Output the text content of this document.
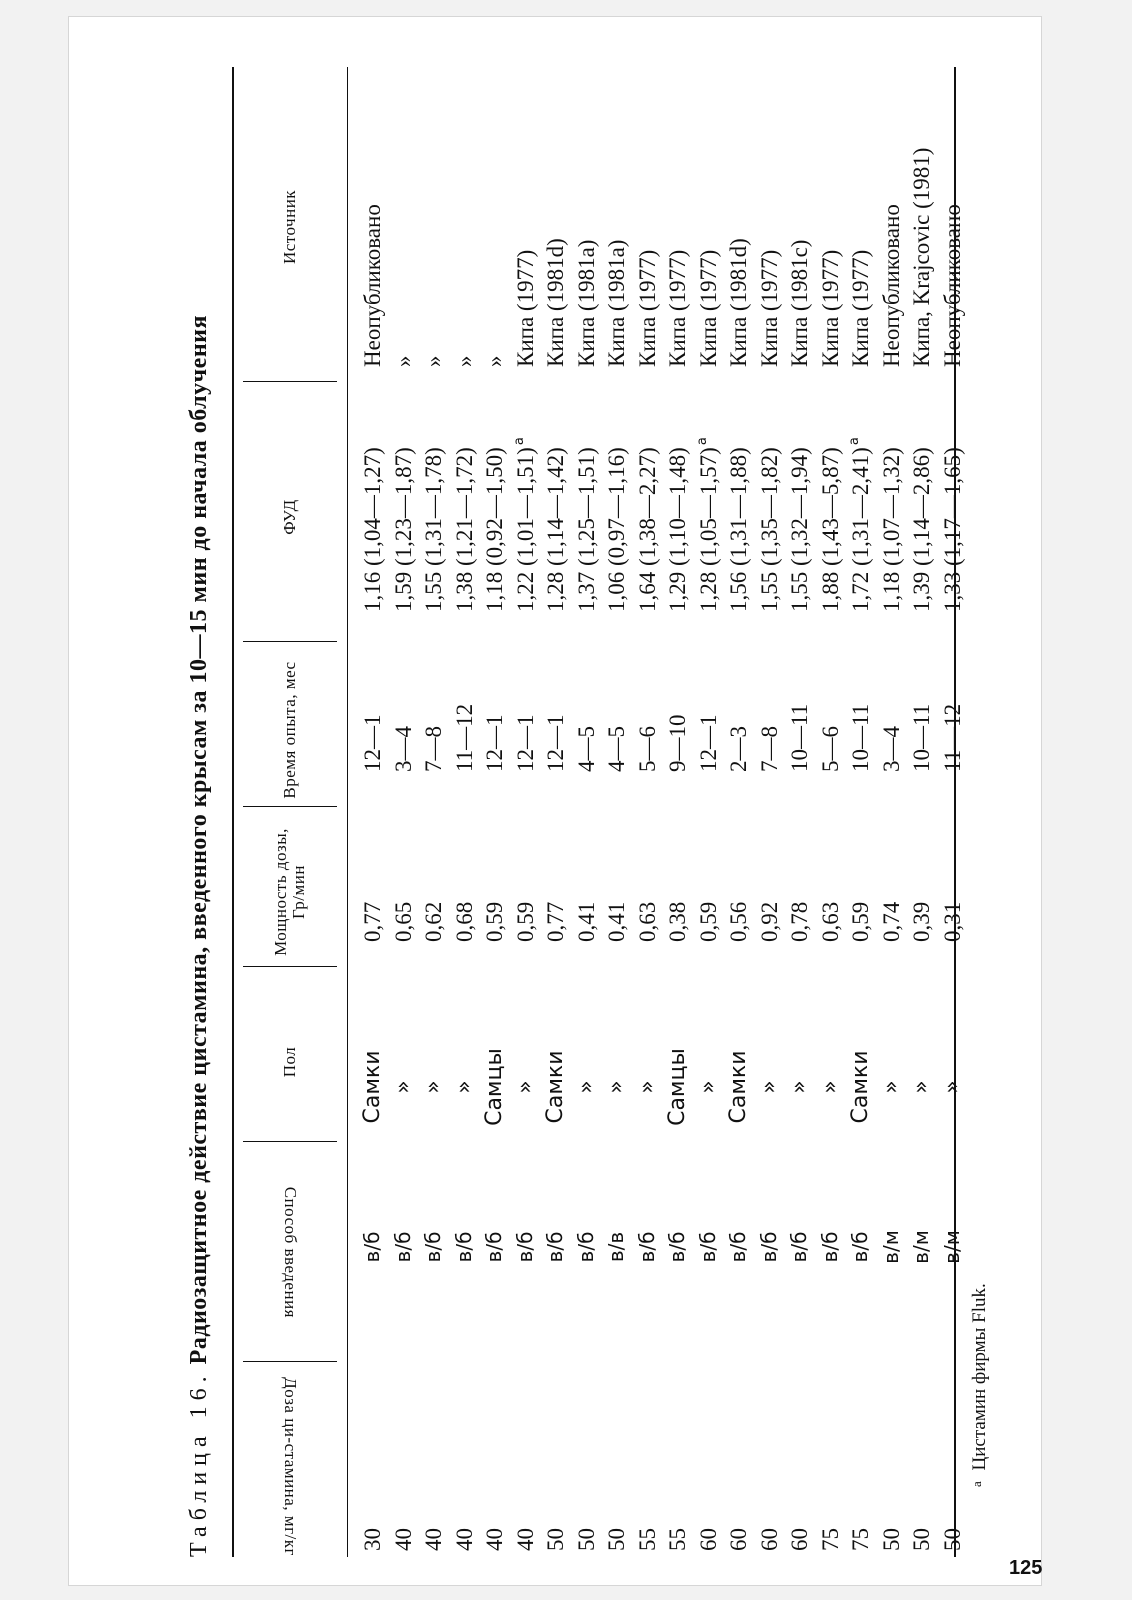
Таблица 16. Радиозащитное действие цистамина, введенного крысам за 10—15 мин до начала облучения
Доза ци-стамина, мг/кг
Способ введения
Пол
Мощность дозы, Гр/мин
Время опыта, мес
ФУД
Источник
30
в/б
Самки
0,77
12—1
1,16 (1,04—1,27)
Неопубликовано
40
в/б
»
0,65
3—4
1,59 (1,23—1,87)
»
40
в/б
»
0,62
7—8
1,55 (1,31—1,78)
»
40
в/б
»
0,68
11—12
1,38 (1,21—1,72)
»
40
в/б
Самцы
0,59
12—1
1,18 (0,92—1,50)
»
40
в/б
»
0,59
12—1
1,22 (1,01—1,51)$^а$
Кипа (1977)
50
в/б
Самки
0,77
12—1
1,28 (1,14—1,42)
Кипа (1981d)
50
в/б
»
0,41
4—5
1,37 (1,25—1,51)
Кипа (1981a)
50
в/в
»
0,41
4—5
1,06 (0,97—1,16)
Кипа (1981a)
55
в/б
»
0,63
5—6
1,64 (1,38—2,27)
Кипа (1977)
55
в/б
Самцы
0,38
9—10
1,29 (1,10—1,48)
Кипа (1977)
60
в/б
»
0,59
12—1
1,28 (1,05—1,57)$^а$
Кипа (1977)
60
в/б
Самки
0,56
2—3
1,56 (1,31—1,88)
Кипа (1981d)
60
в/б
»
0,92
7—8
1,55 (1,35—1,82)
Кипа (1977)
60
в/б
»
0,78
10—11
1,55 (1,32—1,94)
Кипа (1981c)
75
в/б
»
0,63
5—6
1,88 (1,43—5,87)
Кипа (1977)
75
в/б
Самки
0,59
10—11
1,72 (1,31—2,41)$^а$
Кипа (1977)
50
в/м
»
0,74
3—4
1,18 (1,07—1,32)
Неопубликовано
50
в/м
»
0,39
10—11
1,39 (1,14—2,86)
Кипа, Krajcovic (1981)
50
в/м
»
0,31
11—12
1,33 (1,17—1,65)
Неопубликовано
$^а$ Цистамин фирмы Fluk.
125
